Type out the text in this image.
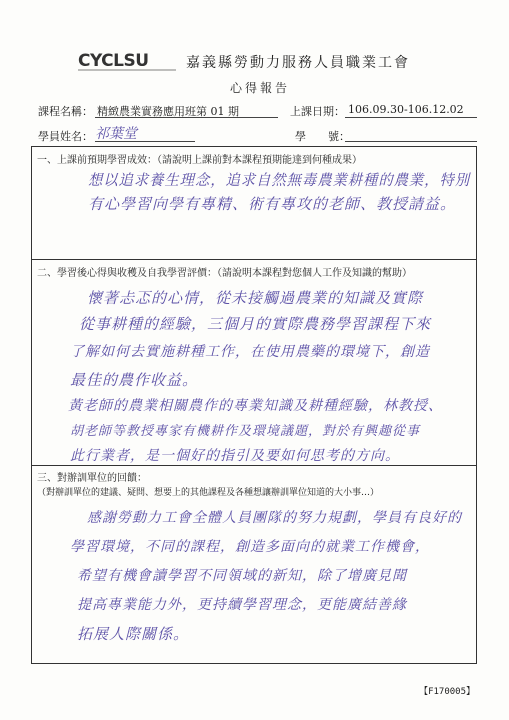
CYCLSU	嘉義縣勞動力服務人員職業工會
心得報告
課程名稱： 精緻農業實務應用班第 01 期	上課日期： 106.09.30-106.12.02
學員姓名： 祁葉堂	學　　號：
一、上課前預期學習成效：（請說明上課前對本課程預期能達到何種成果）
想以追求養生理念，追求自然無毒農業耕種的農業，特別
有心學習向學有專精、術有專攻的老師、教授請益。
二、學習後心得與收穫及自我學習評價：（請說明本課程對您個人工作及知識的幫助）
懷著忐忑的心情，從未接觸過農業的知識及實際
從事耕種的經驗，三個月的實際農務學習課程下來
了解如何去實施耕種工作，在使用農藥的環境下，創造
最佳的農作收益。
黃老師的農業相關農作的專業知識及耕種經驗，林教授、
胡老師等教授專家有機耕作及環境議題，對於有興趣從事
此行業者，是一個好的指引及要如何思考的方向。
三、對辦訓單位的回饋：
（對辦訓單位的建議、疑問、想要上的其他課程及各種想讓辦訓單位知道的大小事…）
感謝勞動力工會全體人員團隊的努力規劃，學員有良好的
學習環境，不同的課程，創造多面向的就業工作機會，
希望有機會讀學習不同領域的新知，除了增廣見聞
提高專業能力外，更持續學習理念，更能廣結善緣
拓展人際關係。
【F170005】
